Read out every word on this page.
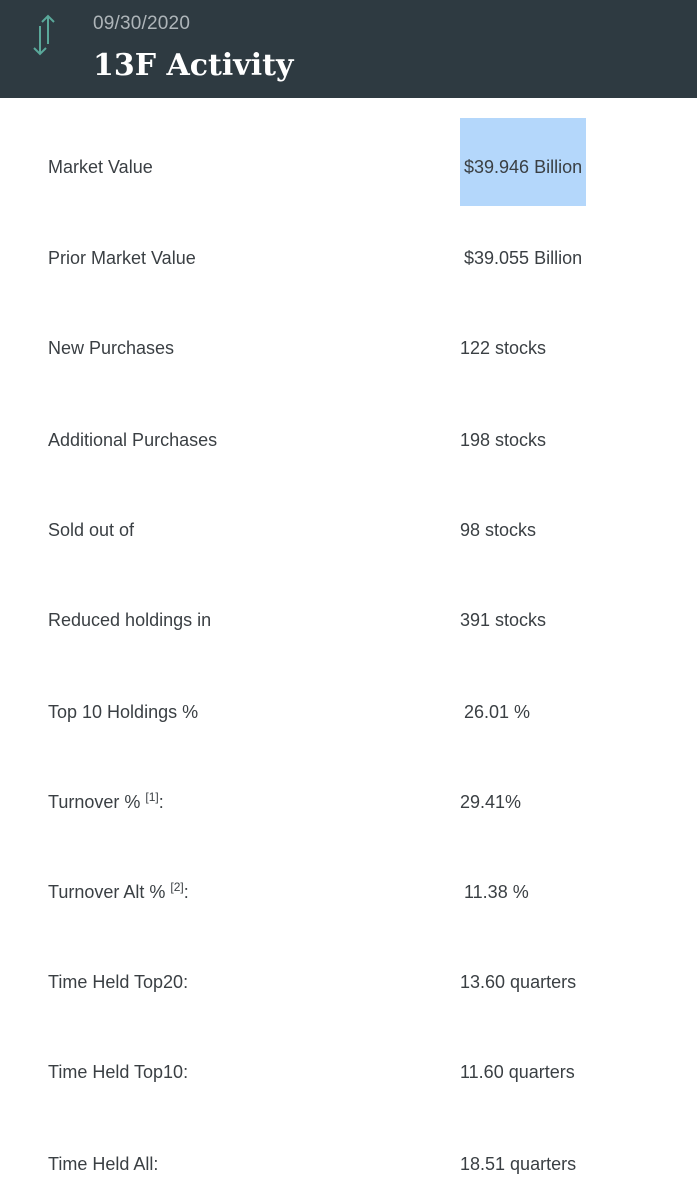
09/30/2020
13F Activity
Market Value	$39.946 Billion
Prior Market Value	$39.055 Billion
New Purchases	122 stocks
Additional Purchases	198 stocks
Sold out of	98 stocks
Reduced holdings in	391 stocks
Top 10 Holdings %	26.01 %
Turnover % [1]:	29.41%
Turnover Alt % [2]:	11.38 %
Time Held Top20:	13.60 quarters
Time Held Top10:	11.60 quarters
Time Held All:	18.51 quarters
